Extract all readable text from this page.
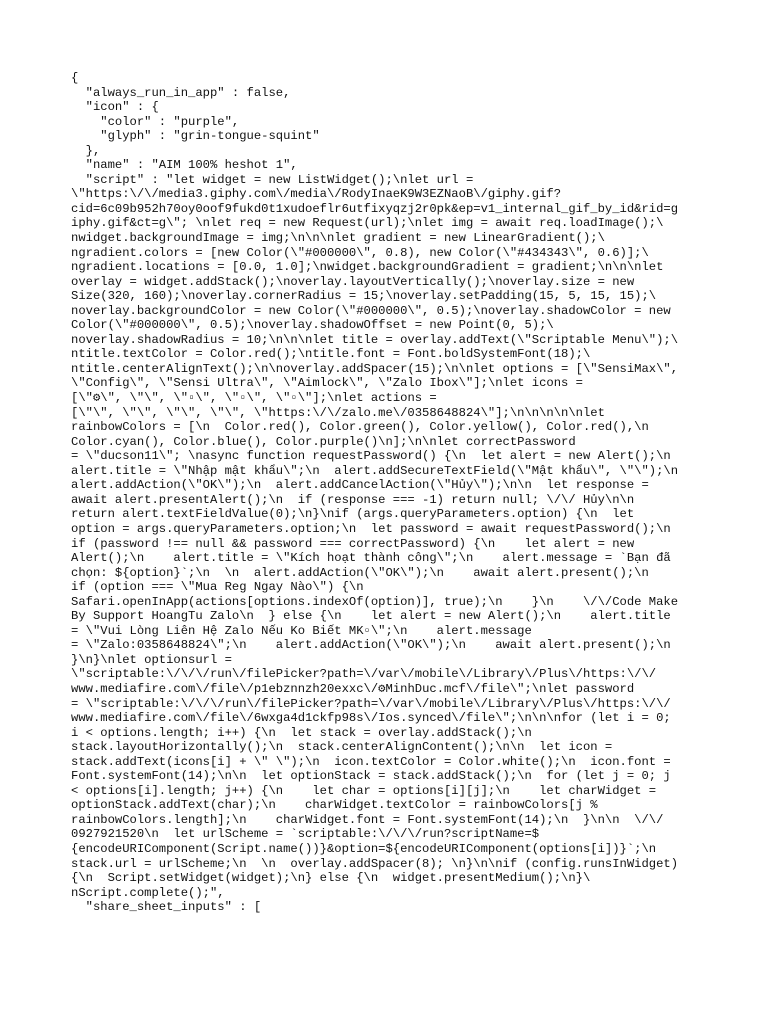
{
"always_run_in_app" : false,
"icon" : {
"color" : "purple",
"glyph" : "grin-tongue-squint"
},
"name" : "AIM 100% heshot 1",
"script" : "let widget = new ListWidget();\nlet url =
\"https:\/\/media3.giphy.com\/media\/RodyInaeK9W3EZNaoB\/giphy.gif?
cid=6c09b952h70oy0oof9fukd0t1xudoeflr6utfixyqzj2r0pk&ep=v1_internal_gif_by_id&rid=g
iphy.gif&ct=g\"; \nlet req = new Request(url);\nlet img = await req.loadImage();\
nwidget.backgroundImage = img;\n\n\nlet gradient = new LinearGradient();\
ngradient.colors = [new Color(\"#000000\", 0.8), new Color(\"#434343\", 0.6)];\
ngradient.locations = [0.0, 1.0];\nwidget.backgroundGradient = gradient;\n\n\nlet
overlay = widget.addStack();\noverlay.layoutVertically();\noverlay.size = new
Size(320, 160);\noverlay.cornerRadius = 15;\noverlay.setPadding(15, 5, 15, 15);\
noverlay.backgroundColor = new Color(\"#000000\", 0.5);\noverlay.shadowColor = new
Color(\"#000000\", 0.5);\noverlay.shadowOffset = new Point(0, 5);\
noverlay.shadowRadius = 10;\n\n\nlet title = overlay.addText(\"Scriptable Menu\");\
ntitle.textColor = Color.red();\ntitle.font = Font.boldSystemFont(18);\
ntitle.centerAlignText();\n\noverlay.addSpacer(15);\n\nlet options = [\"SensiMax\",
\"Config\", \"Sensi Ultra\", \"Aimlock\", \"Zalo Ibox\"];\nlet icons =
[\"⚙\", \"\", \"▫\", \"▫\", \"▫\"];\nlet actions =
[\"\", \"\", \"\", \"\", \"https:\/\/zalo.me\/0358648824\"];\n\n\n\n\nlet
rainbowColors = [\n  Color.red(), Color.green(), Color.yellow(), Color.red(),\n
Color.cyan(), Color.blue(), Color.purple()\n];\n\nlet correctPassword
= \"ducson11\"; \nasync function requestPassword() {\n  let alert = new Alert();\n
alert.title = \"Nhập mật khẩu\";\n  alert.addSecureTextField(\"Mật khẩu\", \"\");\n
alert.addAction(\"OK\");\n  alert.addCancelAction(\"Hủy\");\n\n  let response =
await alert.presentAlert();\n  if (response === -1) return null; \/\/ Hủy\n\n
return alert.textFieldValue(0);\n}\nif (args.queryParameters.option) {\n  let
option = args.queryParameters.option;\n  let password = await requestPassword();\n
if (password !== null && password === correctPassword) {\n    let alert = new
Alert();\n    alert.title = \"Kích hoạt thành công\";\n    alert.message = `Bạn đã
chọn: ${option}`;\n  \n  alert.addAction(\"OK\");\n    await alert.present();\n
if (option === \"Mua Reg Ngay Nào\") {\n
Safari.openInApp(actions[options.indexOf(option)], true);\n    }\n    \/\/Code Make
By Support HoangTu Zalo\n  } else {\n    let alert = new Alert();\n    alert.title
= \"Vui Lòng Liên Hệ Zalo Nếu Ko Biết MK▫\";\n    alert.message
= \"Zalo:0358648824\";\n    alert.addAction(\"OK\");\n    await alert.present();\n
}\n}\nlet optionsurl =
\"scriptable:\/\/\/run\/filePicker?path=\/var\/mobile\/Library\/Plus\/https:\/\/
www.mediafire.com\/file\/p1ebznnzh20exxc\/⚙MinhDuc.mcf\/file\";\nlet password
= \"scriptable:\/\/\/run\/filePicker?path=\/var\/mobile\/Library\/Plus\/https:\/\/
www.mediafire.com\/file\/6wxga4d1ckfp98s\/Ios.synced\/file\";\n\n\nfor (let i = 0;
i < options.length; i++) {\n  let stack = overlay.addStack();\n
stack.layoutHorizontally();\n  stack.centerAlignContent();\n\n  let icon =
stack.addText(icons[i] + \" \");\n  icon.textColor = Color.white();\n  icon.font =
Font.systemFont(14);\n\n  let optionStack = stack.addStack();\n  for (let j = 0; j
< options[i].length; j++) {\n    let char = options[i][j];\n    let charWidget =
optionStack.addText(char);\n    charWidget.textColor = rainbowColors[j %
rainbowColors.length];\n    charWidget.font = Font.systemFont(14);\n  }\n\n  \/\/
0927921520\n  let urlScheme = `scriptable:\/\/\/run?scriptName=$
{encodeURIComponent(Script.name())}&option=${encodeURIComponent(options[i])}`;\n
stack.url = urlScheme;\n  \n  overlay.addSpacer(8); \n}\n\nif (config.runsInWidget)
{\n  Script.setWidget(widget);\n} else {\n  widget.presentMedium();\n}\
nScript.complete();",
"share_sheet_inputs" : [
